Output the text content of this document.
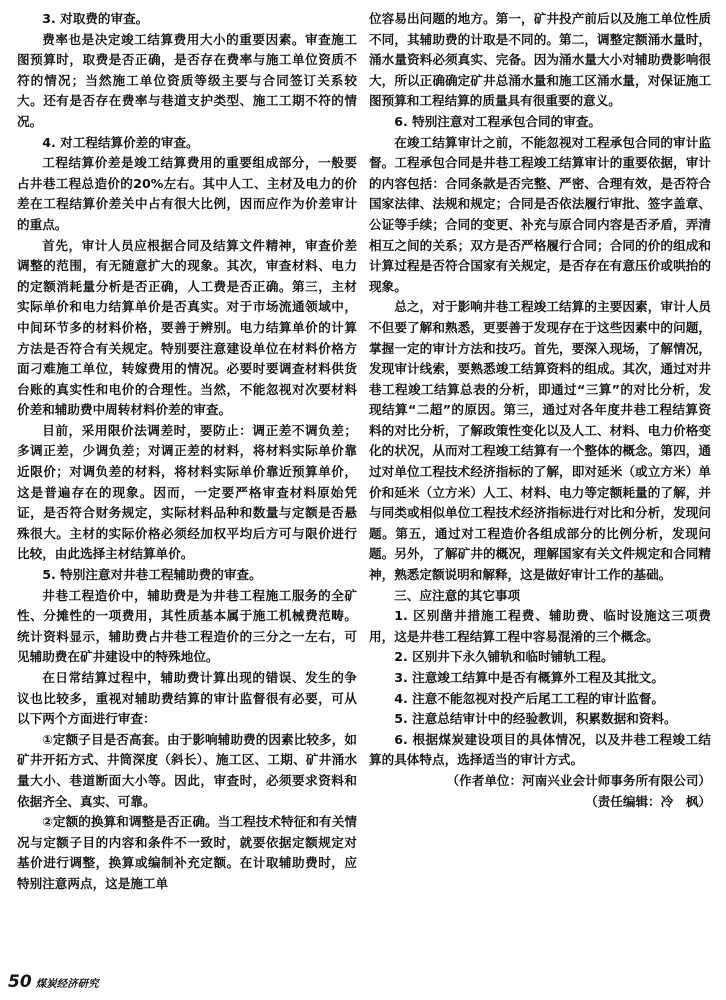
3. 对取费的审查。

费率也是决定竣工结算费用大小的重要因素。审查施工图预算时，取费是否正确，是否存在费率与施工单位资质不符的情况；当然施工单位资质等级主要与合同签订关系较大。还有是否存在费率与巷道支护类型、施工工期不符的情况。

4. 对工程结算价差的审查。

工程结算价差是竣工结算费用的重要组成部分，一般要占井巷工程总造价的20%左右。其中人工、主材及电力的价差在工程结算价差关中占有很大比例，因而应作为价差审计的重点。

首先，审计人员应根据合同及结算文件精神，审查价差调整的范围，有无随意扩大的现象。其次，审查材料、电力的定额消耗量分析是否正确，人工费是否正确。第三，主材实际单价和电力结算单价是否真实。对于市场流通领域中，中间环节多的材料价格，要善于辨别。电力结算单价的计算方法是否符合有关规定。特别要注意建设单位在材料价格方面刁难施工单位，转嫁费用的情况。必要时要调查材料供货台账的真实性和电价的合理性。当然，不能忽视对次要材料价差和辅助费中周转材料价差的审查。

目前，采用限价法调差时，要防止：调正差不调负差；多调正差，少调负差；对调正差的材料，将材料实际单价靠近限价；对调负差的材料，将材料实际单价靠近预算单价，这是普遍存在的现象。因而，一定要严格审查材料原始凭证，是否符合财务规定，实际材料品种和数量与定额是否悬殊很大。主材的实际价格必须经加权平均后方可与限价进行比较，由此选择主材结算单价。

5. 特别注意对井巷工程辅助费的审查。

井巷工程造价中，辅助费是为井巷工程施工服务的全矿性、分摊性的一项费用，其性质基本属于施工机械费范畴。统计资料显示，辅助费占井巷工程造价的三分之一左右，可见辅助费在矿井建设中的特殊地位。

在日常结算过程中，辅助费计算出现的错误、发生的争议也比较多，重视对辅助费结算的审计监督很有必要，可从以下两个方面进行审查：

①定额子目是否高套。由于影响辅助费的因素比较多，如矿井开拓方式、井筒深度（斜长）、施工区、工期、矿井涌水量大小、巷道断面大小等。因此，审查时，必须要求资料和依据齐全、真实、可靠。

②定额的换算和调整是否正确。当工程技术特征和有关情况与定额子目的内容和条件不一致时，就要依据定额规定对基价进行调整，换算或编制补充定额。在计取辅助费时，应特别注意两点，这是施工单

位容易出问题的地方。第一，矿井投产前后以及施工单位性质不同，其辅助费的计取是不同的。第二，调整定额涌水量时，涌水量资料必须真实、完备。因为涌水量大小对辅助费影响很大，所以正确确定矿井总涌水量和施工区涌水量，对保证施工图预算和工程结算的质量具有很重要的意义。

6. 特别注意对工程承包合同的审查。

在竣工结算审计之前，不能忽视对工程承包合同的审计监督。工程承包合同是井巷工程竣工结算审计的重要依据，审计的内容包括：合同条款是否完整、严密、合理有效，是否符合国家法律、法规和规定；合同是否依法履行审批、签字盖章、公证等手续；合同的变更、补充与原合同内容是否矛盾，弄清相互之间的关系；双方是否严格履行合同；合同的价的组成和计算过程是否符合国家有关规定，是否存在有意压价或哄抬的现象。

总之，对于影响井巷工程竣工结算的主要因素，审计人员不但要了解和熟悉，更要善于发现存在于这些因素中的问题，掌握一定的审计方法和技巧。首先，要深入现场，了解情况，发现审计线索，要熟悉竣工结算资料的组成。其次，通过对井巷工程竣工结算总表的分析，即通过“三算”的对比分析，发现结算“二超”的原因。第三，通过对各年度井巷工程结算资料的对比分析，了解政策性变化以及人工、材料、电力价格变化的状况，从而对工程竣工结算有一个整体的概念。第四，通过对单位工程技术经济指标的了解，即对延米（或立方米）单价和延米（立方米）人工、材料、电力等定额耗量的了解，并与同类或相似单位工程技术经济指标进行对比和分析，发现问题。第五，通过对工程造价各组成部分的比例分析，发现问题。另外，了解矿井的概况，理解国家有关文件规定和合同精神，熟悉定额说明和解释，这是做好审计工作的基础。

三、应注意的其它事项

1. 区别凿井措施工程费、辅助费、临时设施这三项费用，这是井巷工程结算工程中容易混淆的三个概念。

2. 区别井下永久铺轨和临时铺轨工程。

3. 注意竣工结算中是否有概算外工程及其批文。

4. 注意不能忽视对投产后尾工工程的审计监督。

5. 注意总结审计中的经验教训，积累数据和资料。

6. 根据煤炭建设项目的具体情况，以及井巷工程竣工结算的具体特点，选择适当的审计方式。

（作者单位：河南兴业会计师事务所有限公司）

（责任编辑：冷　枫）

50 煤炭经济研究
